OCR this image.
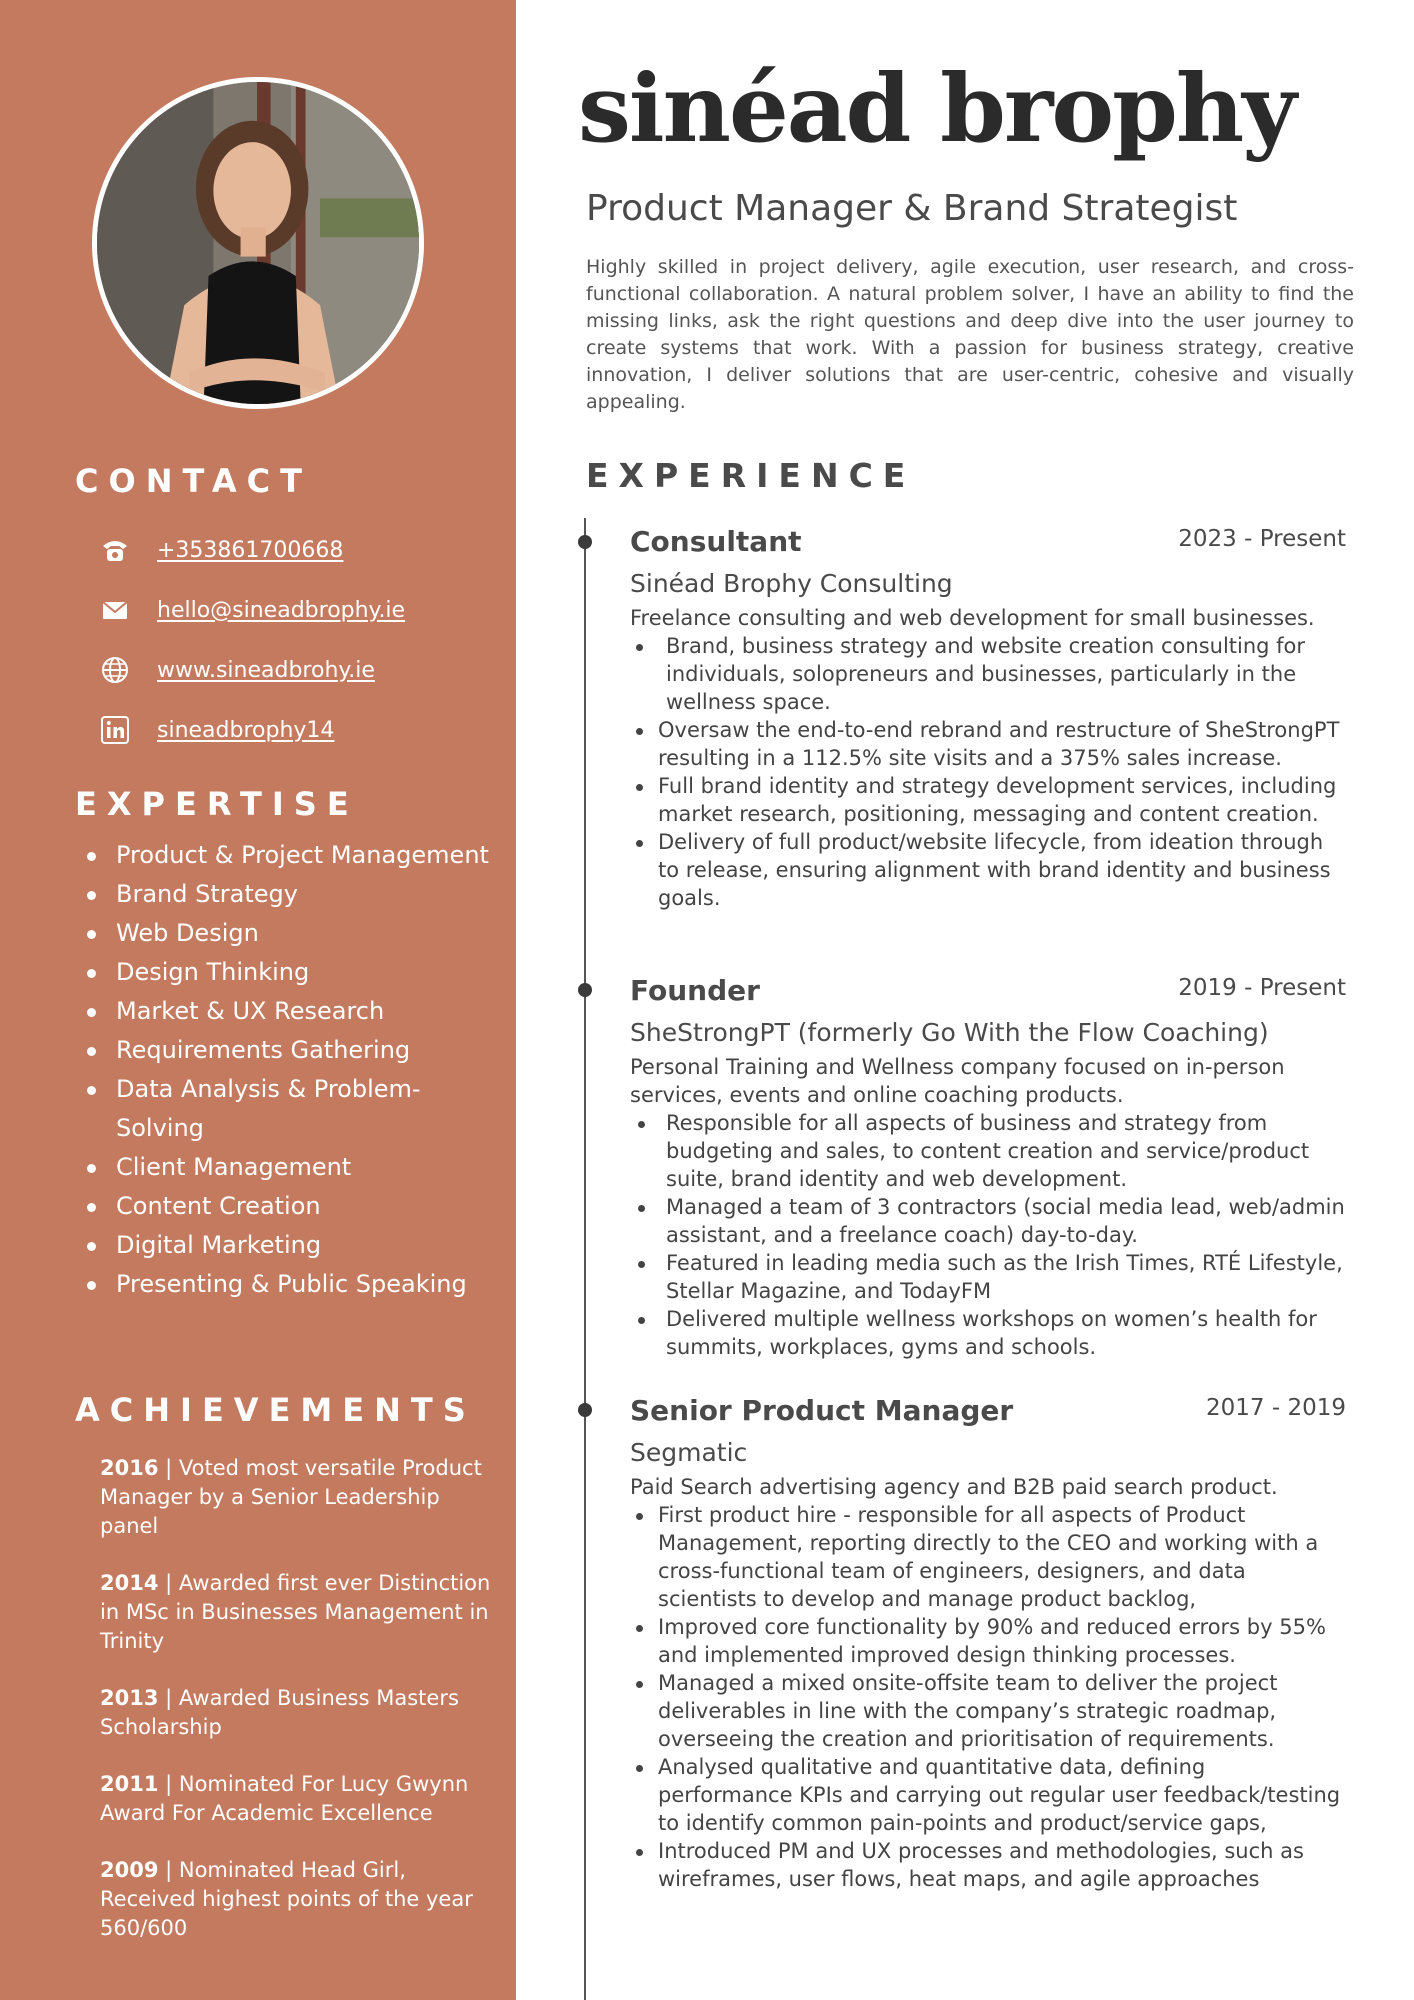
CONTACT
+353861700668
hello@sineadbrophy.ie
www.sineadbrohy.ie
sineadbrophy14
EXPERTISE
Product & Project Management
Brand Strategy
Web Design
Design Thinking
Market & UX Research
Requirements Gathering
Data Analysis & Problem-Solving
Client Management
Content Creation
Digital Marketing
Presenting & Public Speaking
ACHIEVEMENTS

2016 | Voted most versatile Product Manager by a Senior Leadership panel

2014 | Awarded first ever Distinction in MSc in Businesses Management in Trinity

2013 | Awarded Business Masters Scholarship

2011 | Nominated For Lucy Gwynn Award For Academic Excellence

2009 | Nominated Head Girl, Received highest points of the year 560/600

sinéad brophy
Product Manager & Brand Strategist

Highly skilled in project delivery, agile execution, user research, and cross-functional collaboration. A natural problem solver, I have an ability to find the missing links, ask the right questions and deep dive into the user journey to create systems that work. With a passion for business strategy, creative innovation, I deliver solutions that are user-centric, cohesive and visually appealing.

EXPERIENCE
Consultant	2023 - Present
Sinéad Brophy Consulting
Freelance consulting and web development for small businesses.
Brand, business strategy and website creation consulting for individuals, solopreneurs and businesses, particularly in the wellness space.
Oversaw the end-to-end rebrand and restructure of SheStrongPT resulting in a 112.5% site visits and a 375% sales increase.
Full brand identity and strategy development services, including market research, positioning, messaging and content creation.
Delivery of full product/website lifecycle, from ideation through to release, ensuring alignment with brand identity and business goals.
Founder	2019 - Present
SheStrongPT (formerly Go With the Flow Coaching)
Personal Training and Wellness company focused on in-person services, events and online coaching products.
Responsible for all aspects of business and strategy from budgeting and sales, to content creation and service/product suite, brand identity and web development.
Managed a team of 3 contractors (social media lead, web/admin assistant, and a freelance coach) day-to-day.
Featured in leading media such as the Irish Times, RTÉ Lifestyle, Stellar Magazine, and TodayFM
Delivered multiple wellness workshops on women’s health for summits, workplaces, gyms and schools.
Senior Product Manager	2017 - 2019
Segmatic
Paid Search advertising agency and B2B paid search product.
First product hire - responsible for all aspects of Product Management, reporting directly to the CEO and working with a cross-functional team of engineers, designers, and data scientists to develop and manage product backlog,
Improved core functionality by 90% and reduced errors by 55% and implemented improved design thinking processes.
Managed a mixed onsite-offsite team to deliver the project deliverables in line with the company’s strategic roadmap, overseeing the creation and prioritisation of requirements.
Analysed qualitative and quantitative data, defining performance KPIs and carrying out regular user feedback/testing to identify common pain-points and product/service gaps,
Introduced PM and UX processes and methodologies, such as wireframes, user flows, heat maps, and agile approaches
